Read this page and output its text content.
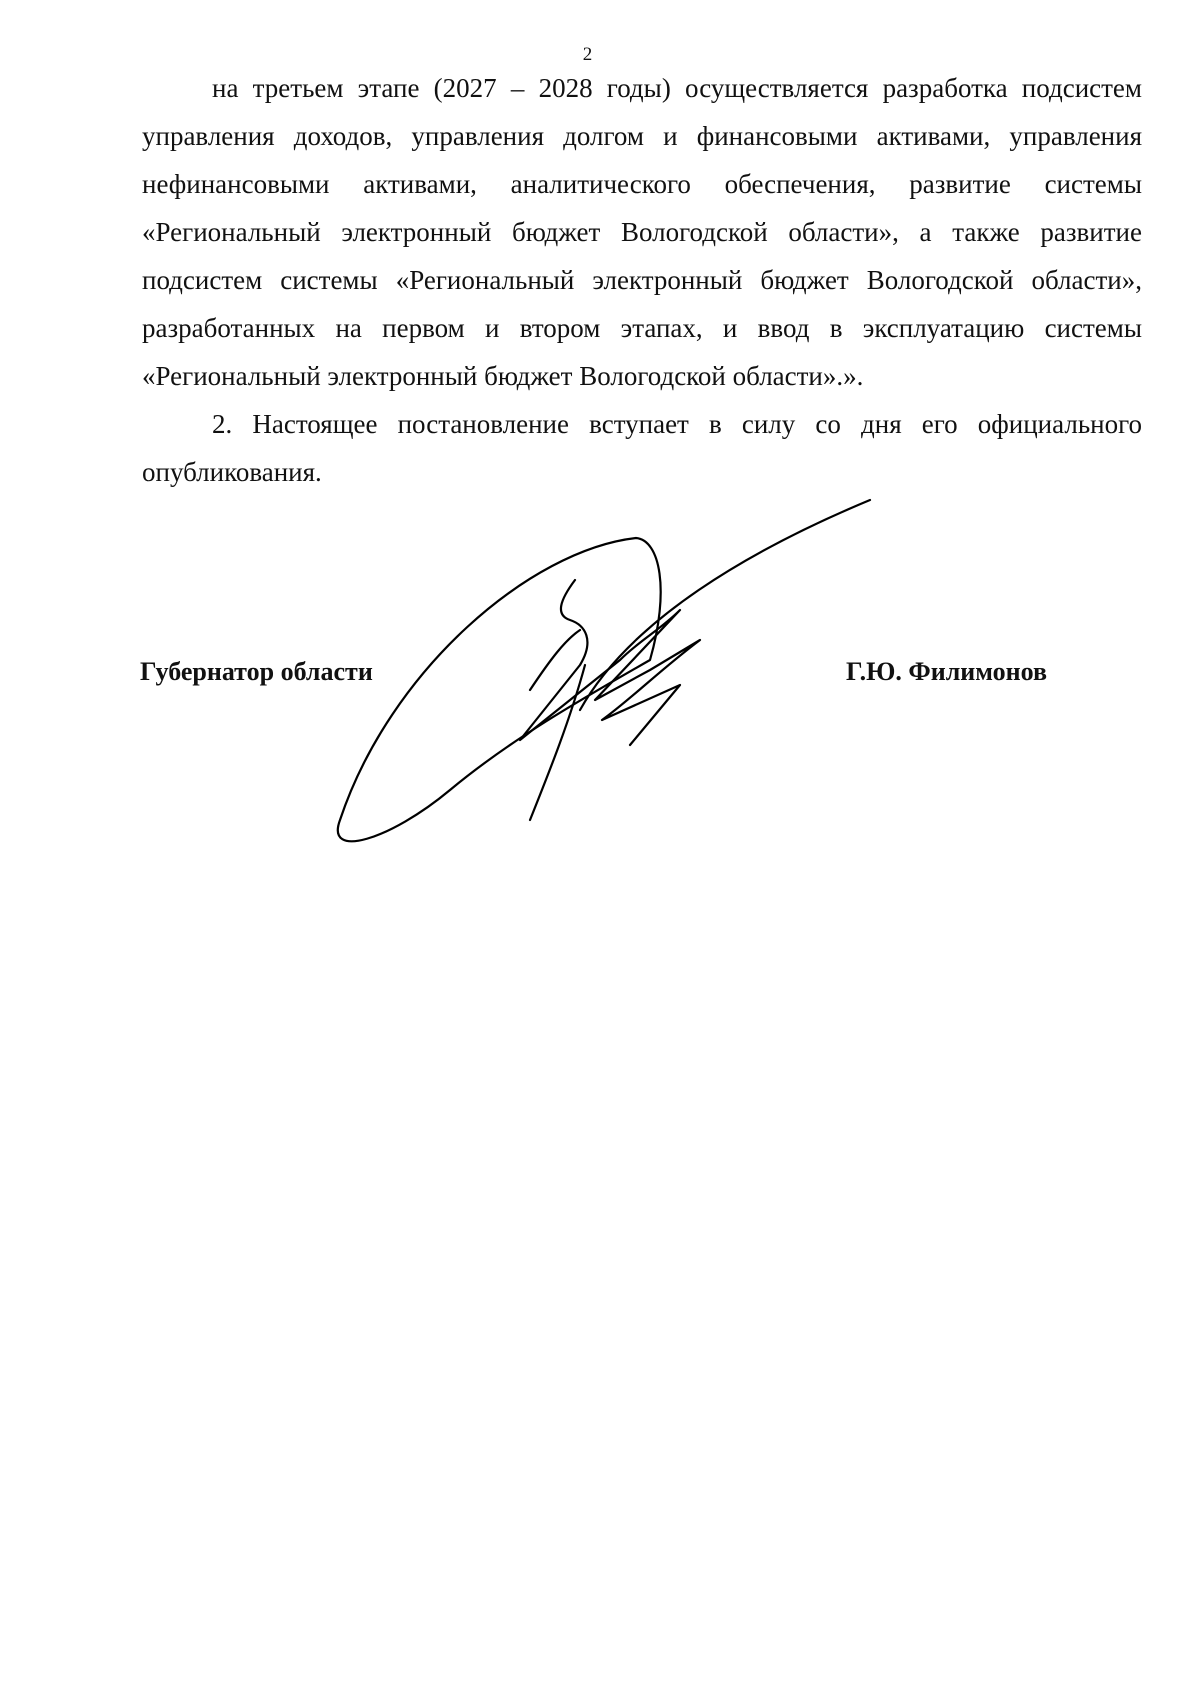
2
на третьем этапе (2027 – 2028 годы) осуществляется разработка подсистем
управления доходов, управления долгом и финансовыми активами, управления
нефинансовыми активами, аналитического обеспечения, развитие системы
«Региональный электронный бюджет Вологодской области», а также развитие
подсистем системы «Региональный электронный бюджет Вологодской области»,
разработанных на первом и втором этапах, и ввод в эксплуатацию системы
«Региональный электронный бюджет Вологодской области».».
2. Настоящее постановление вступает в силу со дня его официального
опубликования.
Губернатор области	Г.Ю. Филимонов
